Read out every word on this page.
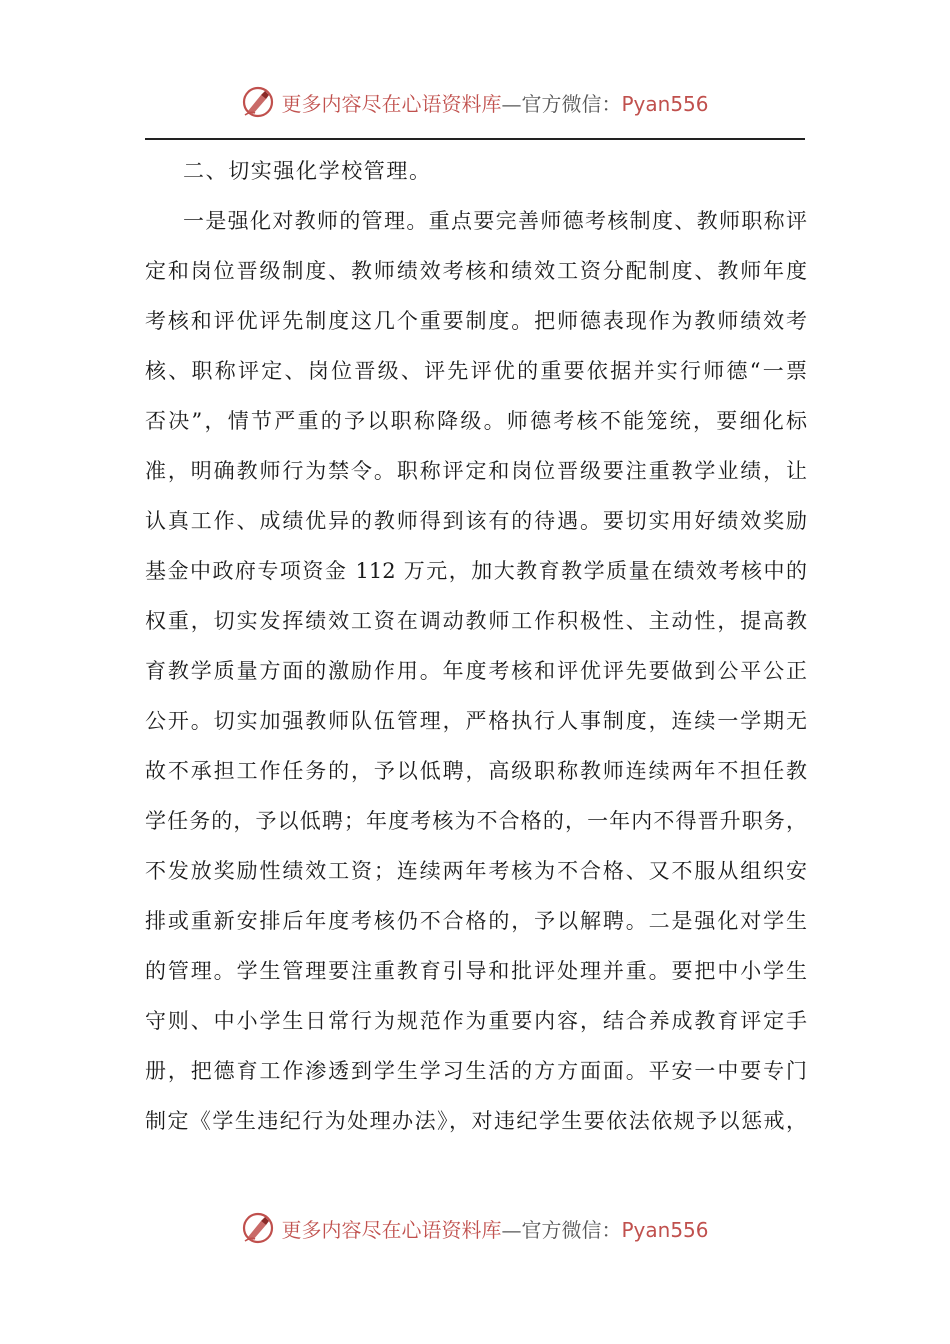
更多内容尽在心语资料库—官方微信：Pyan556
二、切实强化学校管理。
一是强化对教师的管理。重点要完善师德考核制度、教师职称评
定和岗位晋级制度、教师绩效考核和绩效工资分配制度、教师年度
考核和评优评先制度这几个重要制度。把师德表现作为教师绩效考
核、职称评定、岗位晋级、评先评优的重要依据并实行师德“一票
否决”，情节严重的予以职称降级。师德考核不能笼统，要细化标
准，明确教师行为禁令。职称评定和岗位晋级要注重教学业绩，让
认真工作、成绩优异的教师得到该有的待遇。要切实用好绩效奖励
基金中政府专项资金 112 万元，加大教育教学质量在绩效考核中的
权重，切实发挥绩效工资在调动教师工作积极性、主动性，提高教
育教学质量方面的激励作用。年度考核和评优评先要做到公平公正
公开。切实加强教师队伍管理，严格执行人事制度，连续一学期无
故不承担工作任务的，予以低聘，高级职称教师连续两年不担任教
学任务的，予以低聘；年度考核为不合格的，一年内不得晋升职务，
不发放奖励性绩效工资；连续两年考核为不合格、又不服从组织安
排或重新安排后年度考核仍不合格的，予以解聘。二是强化对学生
的管理。学生管理要注重教育引导和批评处理并重。要把中小学生
守则、中小学生日常行为规范作为重要内容，结合养成教育评定手
册，把德育工作渗透到学生学习生活的方方面面。平安一中要专门
制定《学生违纪行为处理办法》，对违纪学生要依法依规予以惩戒，
更多内容尽在心语资料库—官方微信：Pyan556
